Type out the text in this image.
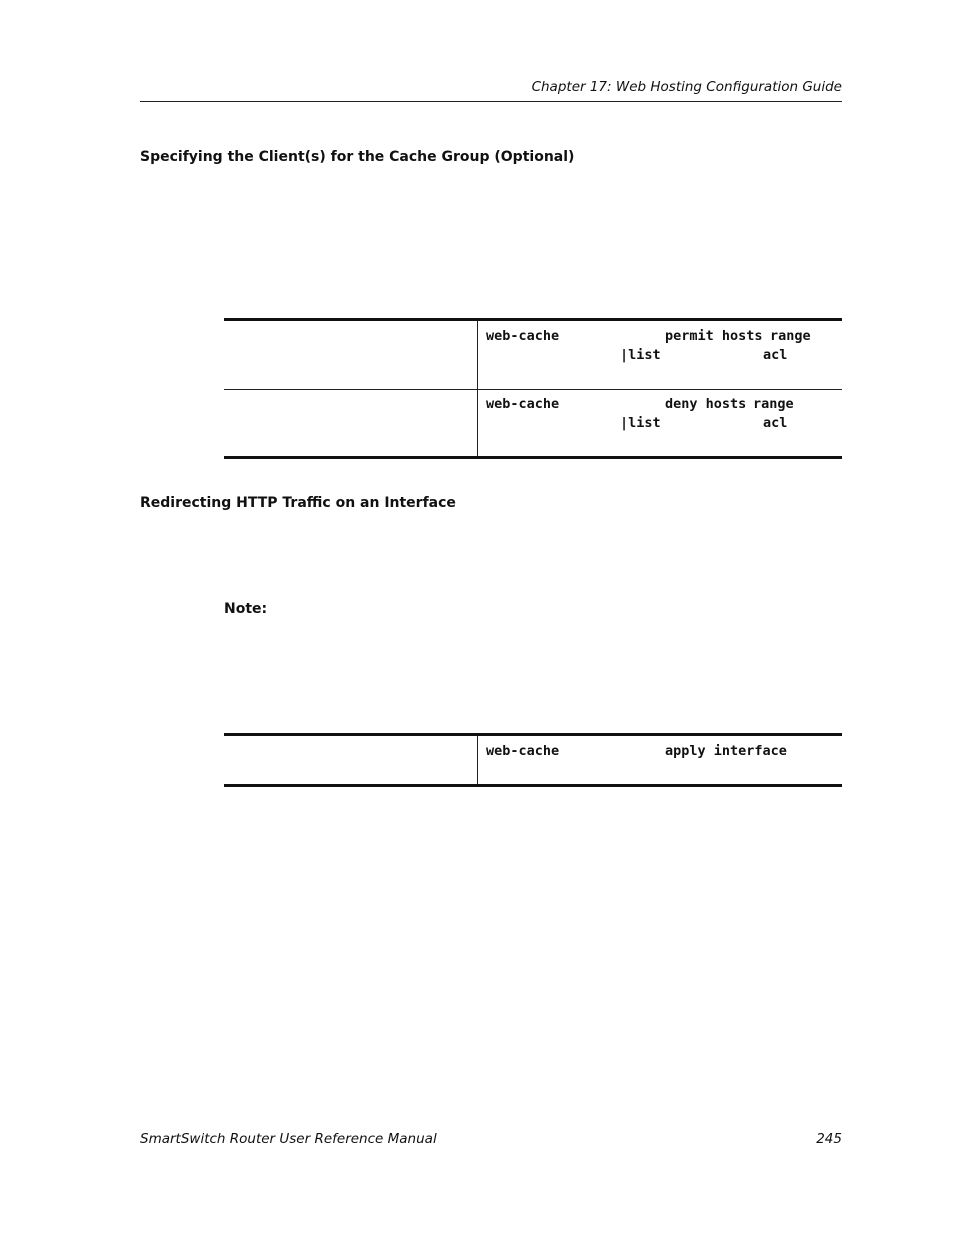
Chapter 17: Web Hosting Configuration Guide
Specifying the Client(s) for the Cache Group (Optional)
web-cache	permit hosts range
|list	acl
web-cache	deny hosts range
|list	acl
Redirecting HTTP Traffic on an Interface
Note:
web-cache	apply interface
SmartSwitch Router User Reference Manual	245
